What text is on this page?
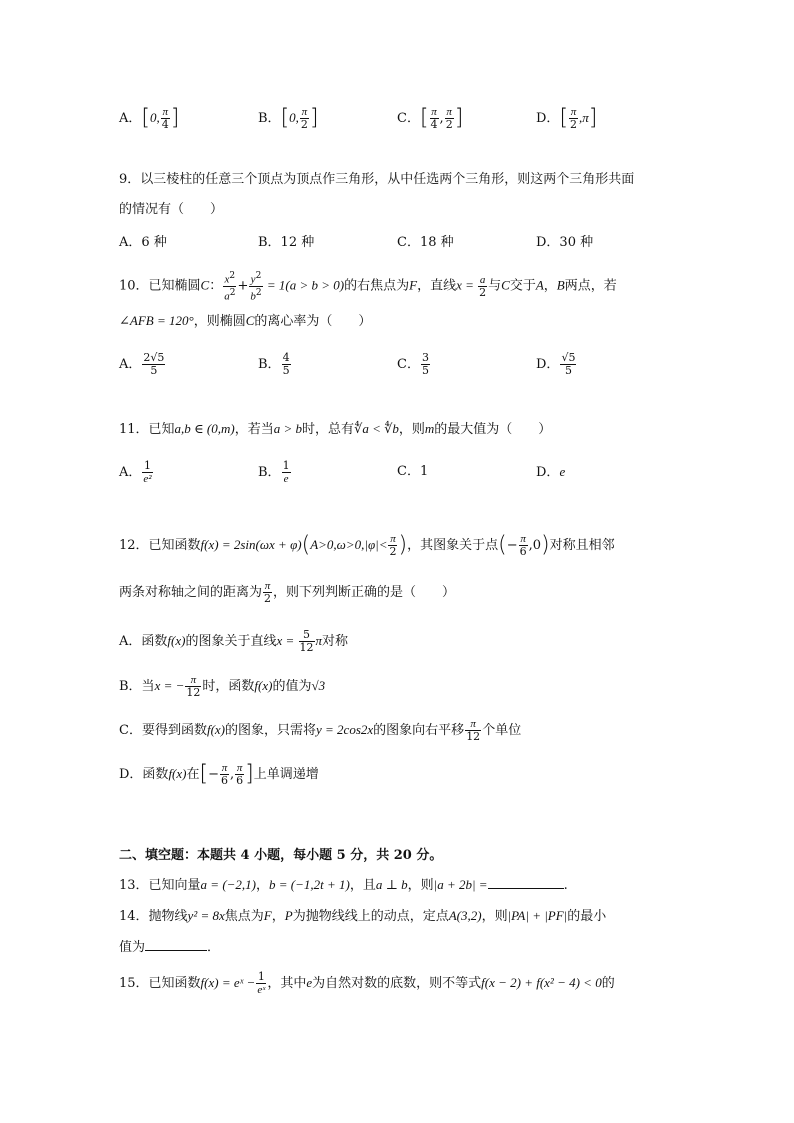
A．[0, $\frac{\pi}{4}$ ]	B．[0, $\frac{\pi}{2}$ ]	C．[ $\frac{\pi}{4}$ , $\frac{\pi}{2}$ ]	D．[ $\frac{\pi}{2} ,\pi$]
9．以三棱柱的任意三个顶点为顶点作三角形，从中任选两个三角形，则这两个三角形共面
的情况有（　　）
A．6 种	B．12 种	C．18 种	D．30 种
10．已知椭圆C： $\frac{x^2}{a^2} + \frac{y^2}{b^2} = 1(a > b > 0)$的右焦点为F，直线$x = \frac{a}{2}$ 与C交于A，B两点，若
∠AFB = 120°，则椭圆C的离心率为（　　）
A． $\frac{2√5}{5}$	B． $\frac{4}{5}$	C． $\frac{3}{5}$	D． $\frac{√5}{5}$
11．已知a,b ∈ (0,m)，若当a > b时，总有∜a < ∜b，则m的最大值为（　　）
A． $\frac{1}{\text{e²}}$	B． $\frac{1}{e}$	C．1	D．e
12．已知函数$f(x) = 2\sin(\omega x + \varphi)(A>0,\omega>0,|\varphi|< \frac{\pi}{2}$ )，其图象关于点(− $\frac{\pi}{6} ,0$)对称且相邻
两条对称轴之间的距离为 $\frac{\pi}{2}$ ，则下列判断正确的是（　　）
A．函数f(x)的图象关于直线$x = \frac{5}{12}$ π对称
B．当x = − $\frac{\pi}{12}$ 时，函数f(x)的值为√3
C．要得到函数f(x)的图象，只需将y = 2cos2x的图象向右平移 $\frac{\pi}{12}$ 个单位
D．函数f(x)在[− $\frac{\pi}{6}$ , $\frac{\pi}{6}$ ]上单调递增
二、填空题：本题共 4 小题，每小题 5 分，共 20 分。
13．已知向量a = (−2,1)，b = (−1,2t + 1)，且a ⊥ b，则|a + 2b| =	.
14．抛物线y² = 8x焦点为F，P为抛物线线上的动点，定点A(3,2)，则|PA| + |PF|的最小
值为	．
15．已知函数f(x) = eˣ − $\frac{1}{\text{eˣ}}$ ，其中e为自然对数的底数，则不等式f(x − 2) + f(x² − 4) < 0的
